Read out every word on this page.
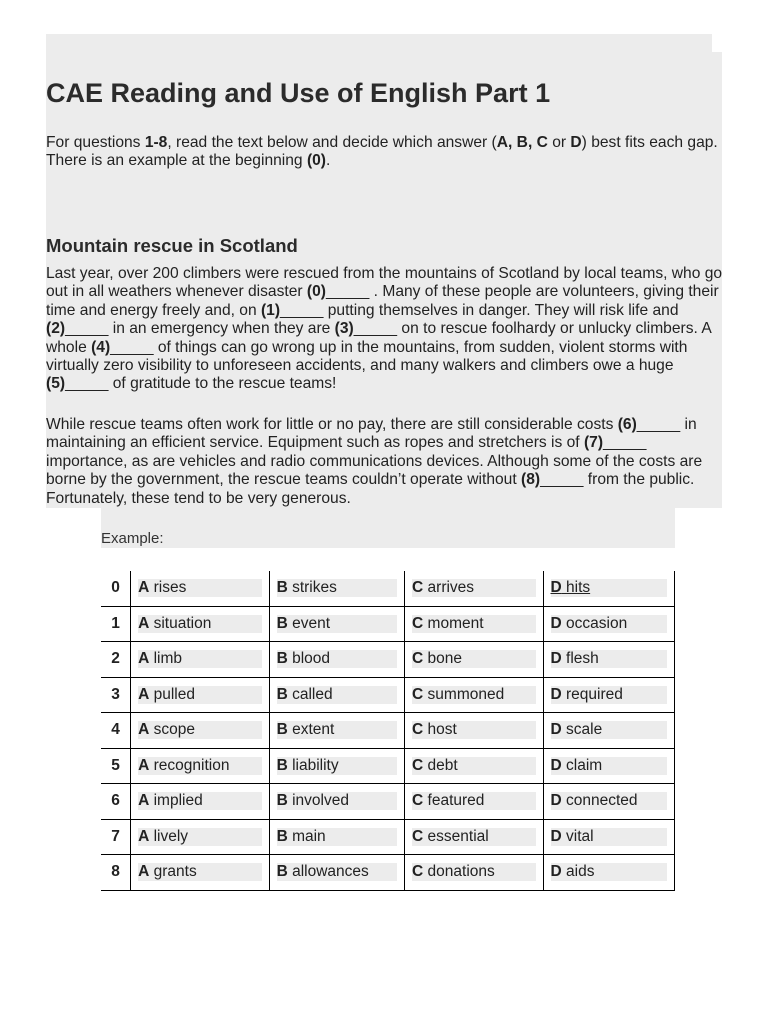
CAE Reading and Use of English Part 1

For questions 1-8, read the text below and decide which answer (A, B, C or D) best fits each gap. There is an example at the beginning (0).

Mountain rescue in Scotland

Last year, over 200 climbers were rescued from the mountains of Scotland by local teams, who go out in all weathers whenever disaster (0)_____ . Many of these people are volunteers, giving their time and energy freely and, on (1)_____ putting themselves in danger. They will risk life and (2)_____ in an emergency when they are (3)_____ on to rescue foolhardy or unlucky climbers. A whole (4)_____ of things can go wrong up in the mountains, from sudden, violent storms with virtually zero visibility to unforeseen accidents, and many walkers and climbers owe a huge (5)_____ of gratitude to the rescue teams!

While rescue teams often work for little or no pay, there are still considerable costs (6)_____ in maintaining an efficient service. Equipment such as ropes and stretchers is of (7)_____ importance, as are vehicles and radio communications devices. Although some of the costs are borne by the government, the rescue teams couldn’t operate without (8)_____ from the public. Fortunately, these tend to be very generous.

Example:

0	A rises	B strikes	C arrives	D hits
1	A situation	B event	C moment	D occasion
2	A limb	B blood	C bone	D flesh
3	A pulled	B called	C summoned	D required
4	A scope	B extent	C host	D scale
5	A recognition	B liability	C debt	D claim
6	A implied	B involved	C featured	D connected
7	A lively	B main	C essential	D vital
8	A grants	B allowances	C donations	D aids
